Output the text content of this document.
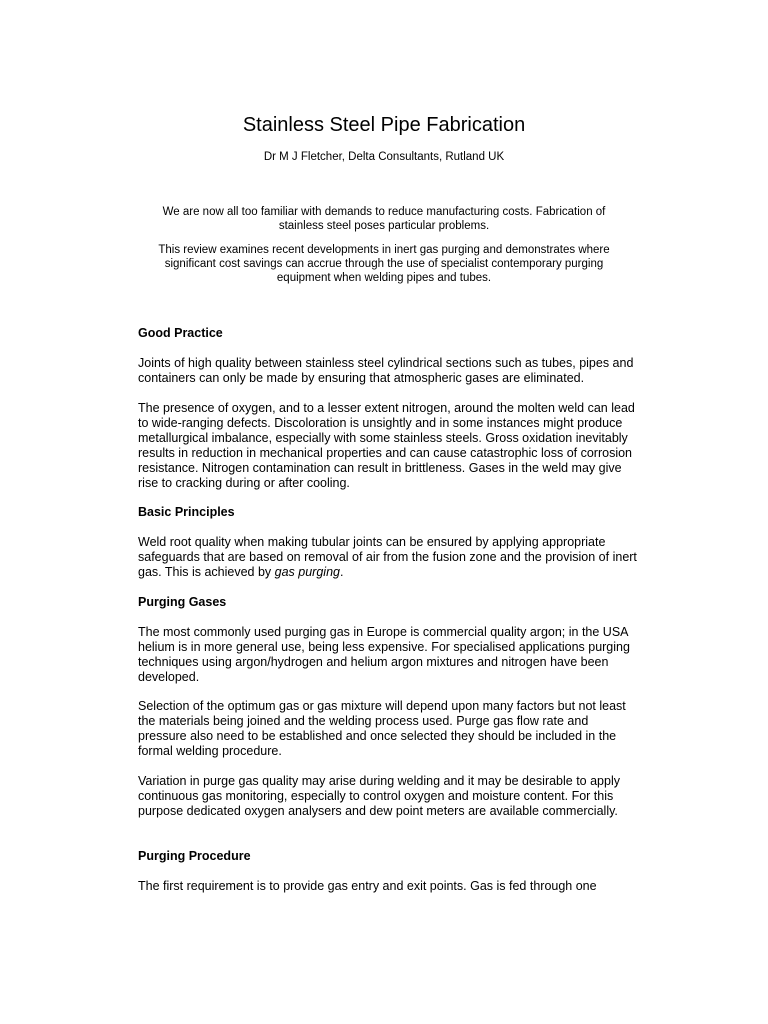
Stainless Steel Pipe Fabrication

Dr M J Fletcher, Delta Consultants, Rutland UK

We are now all too familiar with demands to reduce manufacturing costs. Fabrication of stainless steel poses particular problems.

This review examines recent developments in inert gas purging and demonstrates where significant cost savings can accrue through the use of specialist contemporary purging equipment when welding pipes and tubes.

Good Practice

Joints of high quality between stainless steel cylindrical sections such as tubes, pipes and containers can only be made by ensuring that atmospheric gases are eliminated.

The presence of oxygen, and to a lesser extent nitrogen, around the molten weld can lead to wide-ranging defects. Discoloration is unsightly and in some instances might produce metallurgical imbalance, especially with some stainless steels. Gross oxidation inevitably results in reduction in mechanical properties and can cause catastrophic loss of corrosion resistance. Nitrogen contamination can result in brittleness. Gases in the weld may give rise to cracking during or after cooling.

Basic Principles

Weld root quality when making tubular joints can be ensured by applying appropriate safeguards that are based on removal of air from the fusion zone and the provision of inert gas. This is achieved by gas purging.

Purging Gases

The most commonly used purging gas in Europe is commercial quality argon; in the USA helium is in more general use, being less expensive. For specialised applications purging techniques using argon/hydrogen and helium argon mixtures and nitrogen have been developed.

Selection of the optimum gas or gas mixture will depend upon many factors but not least the materials being joined and the welding process used. Purge gas flow rate and pressure also need to be established and once selected they should be included in the formal welding procedure.

Variation in purge gas quality may arise during welding and it may be desirable to apply continuous gas monitoring, especially to control oxygen and moisture content. For this purpose dedicated oxygen analysers and dew point meters are available commercially.

Purging Procedure

The first requirement is to provide gas entry and exit points. Gas is fed through one
